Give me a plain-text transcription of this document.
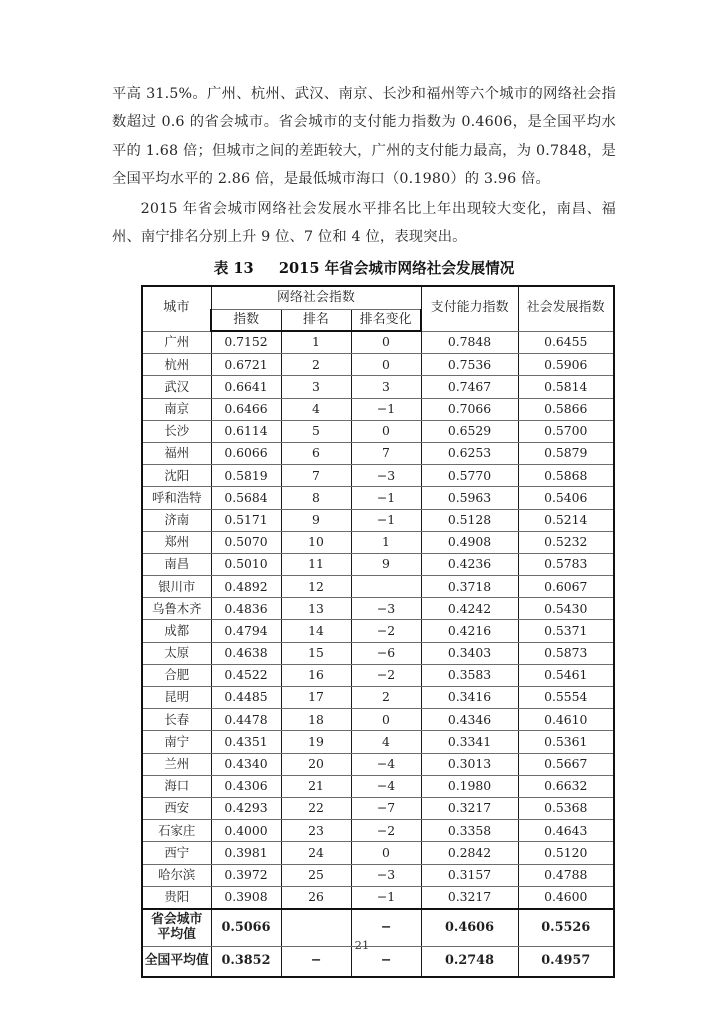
平高 31.5%。广州、杭州、武汉、南京、长沙和福州等六个城市的网络社会指数超过 0.6 的省会城市。省会城市的支付能力指数为 0.4606，是全国平均水平的 1.68 倍；但城市之间的差距较大，广州的支付能力最高，为 0.7848，是全国平均水平的 2.86 倍，是最低城市海口（0.1980）的 3.96 倍。

2015 年省会城市网络社会发展水平排名比上年出现较大变化，南昌、福州、南宁排名分别上升 9 位、7 位和 4 位，表现突出。

表 13 2015 年省会城市网络社会发展情况
城市	网络社会指数			支付能力指数	社会发展指数
	指数	排名	排名变化		
广州	0.7152	1	0	0.7848	0.6455
杭州	0.6721	2	0	0.7536	0.5906
武汉	0.6641	3	3	0.7467	0.5814
南京	0.6466	4	−1	0.7066	0.5866
长沙	0.6114	5	0	0.6529	0.5700
福州	0.6066	6	7	0.6253	0.5879
沈阳	0.5819	7	−3	0.5770	0.5868
呼和浩特	0.5684	8	−1	0.5963	0.5406
济南	0.5171	9	−1	0.5128	0.5214
郑州	0.5070	10	1	0.4908	0.5232
南昌	0.5010	11	9	0.4236	0.5783
银川市	0.4892	12		0.3718	0.6067
乌鲁木齐	0.4836	13	−3	0.4242	0.5430
成都	0.4794	14	−2	0.4216	0.5371
太原	0.4638	15	−6	0.3403	0.5873
合肥	0.4522	16	−2	0.3583	0.5461
昆明	0.4485	17	2	0.3416	0.5554
长春	0.4478	18	0	0.4346	0.4610
南宁	0.4351	19	4	0.3341	0.5361
兰州	0.4340	20	−4	0.3013	0.5667
海口	0.4306	21	−4	0.1980	0.6632
西安	0.4293	22	−7	0.3217	0.5368
石家庄	0.4000	23	−2	0.3358	0.4643
西宁	0.3981	24	0	0.2842	0.5120
哈尔滨	0.3972	25	−3	0.3157	0.4788
贵阳	0.3908	26	−1	0.3217	0.4600
省会城市
平均值	0.5066		−	0.4606	0.5526
全国平均值	0.3852	−	−	0.2748	0.4957
21
